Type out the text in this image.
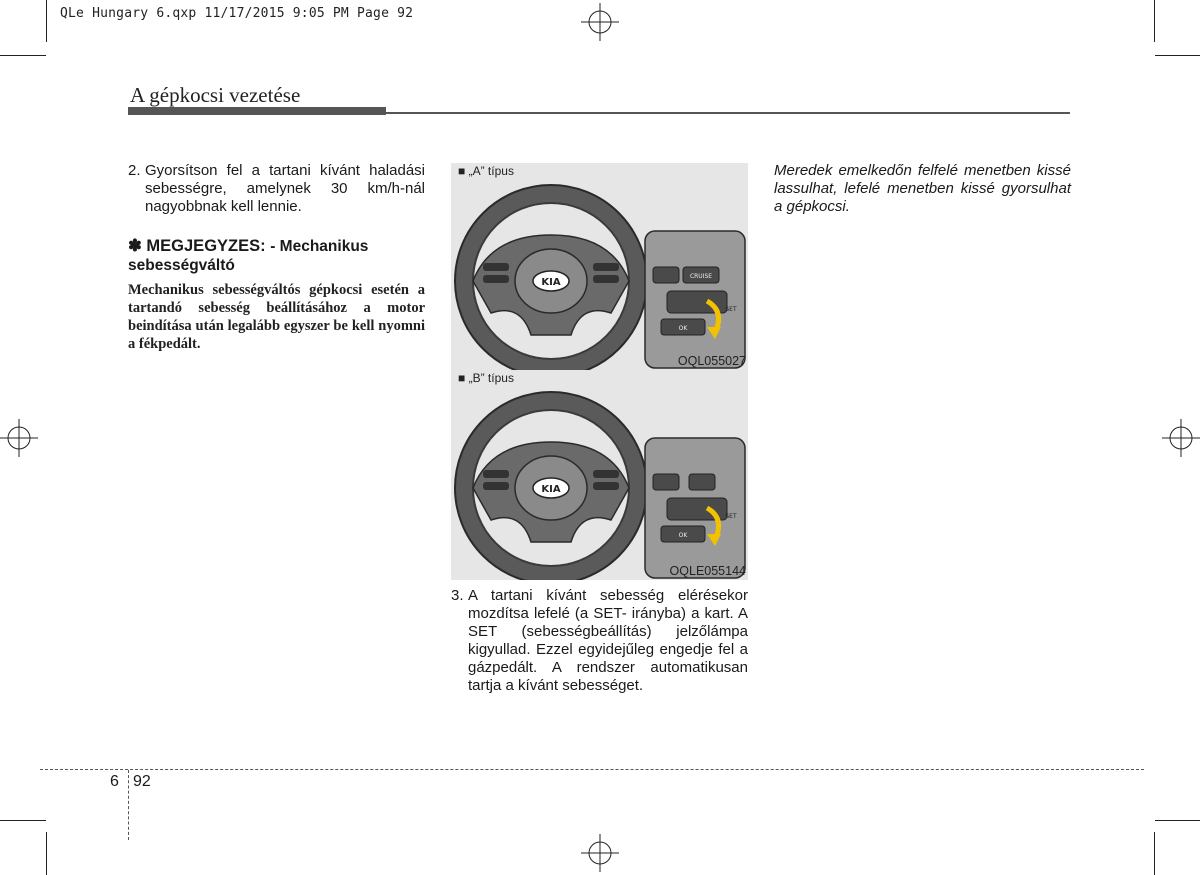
QLe Hungary 6.qxp 11/17/2015 9:05 PM Page 92
A gépkocsi vezetése
2. Gyorsítson fel a tartani kívánt haladási sebességre, amelynek 30 km/h-nál nagyobbnak kell lennie.
✽ MEGJEGYZES: - Mechanikus sebességváltó
Mechanikus sebességváltós gépkocsi esetén a tartandó sebesség beállításához a motor beindítása után legalább egyszer be kell nyomni a fékpedált.
KIA
CRUISE
OK
SET
■ „A” típus
OQL055027
KIA
OK
SET
■ „B” típus
OQLE055144
3. A tartani kívánt sebesség elérésekor mozdítsa lefelé (a SET- irányba) a kart. A SET (sebességbeállítás) jelzőlámpa kigyullad. Ezzel egyidejűleg engedje fel a gázpedált. A rendszer automatikusan tartja a kívánt sebességet.
Meredek emelkedőn felfelé menetben kissé lassulhat, lefelé menetben kissé gyorsulhat a gépkocsi.
6 92
